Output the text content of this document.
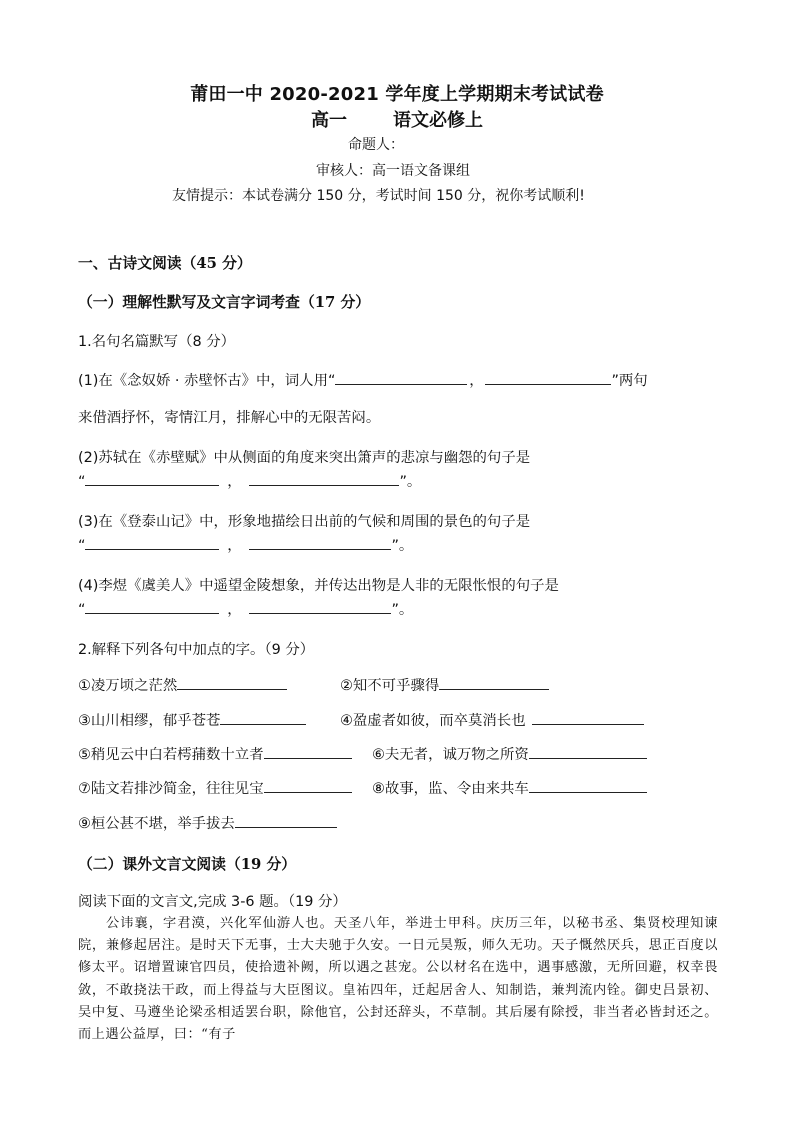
莆田一中 2020-2021 学年度上学期期末考试试卷
高一	语文必修上
命题人：
审核人：高一语文备课组
友情提示：本试卷满分 150 分，考试时间 150 分，祝你考试顺利!
一、古诗文阅读（45 分）
（一）理解性默写及文言字词考查（17 分）
1.名句名篇默写（8 分）
(1)在《念奴娇 · 赤壁怀古》中，词人用“	，	”两句
来借酒抒怀，寄情江月，排解心中的无限苦闷。
(2)苏轼在《赤壁赋》中从侧面的角度来突出箫声的悲凉与幽怨的句子是
“	，	”。
(3)在《登泰山记》中，形象地描绘日出前的气候和周围的景色的句子是
“	，	”。
(4)李煜《虞美人》中遥望金陵想象，并传达出物是人非的无限怅恨的句子是
“	，	”。
2.解释下列各句中加点的字。（9 分）
①凌万顷之茫然	②知不可乎骤得
③山川相缪，郁乎苍苍	④盈虚者如彼，而卒莫消长也
⑤稍见云中白若樗蒱数十立者	⑥夫无者，诚万物之所资
⑦陆文若排沙简金，往往见宝	⑧故事，监、令由来共车
⑨桓公甚不堪，举手拔去
（二）课外文言文阅读（19 分）
阅读下面的文言文,完成 3-6 题。（19 分）

公讳襄，字君漠，兴化军仙游人也。天圣八年，举进士甲科。庆历三年，以秘书丞、集贤校理知谏院，兼修起居注。是时天下无事，士大夫驰于久安。一日元昊叛，师久无功。天子慨然厌兵，思正百度以修太平。诏增置谏官四员，使拾遗补阙，所以遇之甚宠。公以材名在选中，遇事感激，无所回避，权幸畏敛，不敢挠法干政，而上得益与大臣图议。皇祐四年，迁起居舍人、知制诰，兼判流内铨。御史吕景初、吴中复、马遵坐论梁丞相适罢台职，除他官，公封还辞头，不草制。其后屡有除授，非当者必皆封还之。而上遇公益厚，曰：“有子
